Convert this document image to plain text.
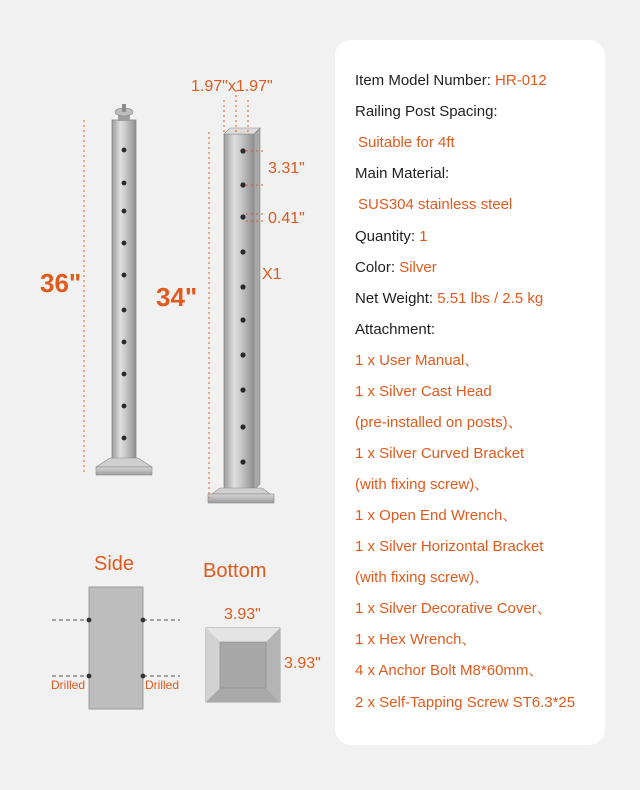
1.97"x1.97"
36"	34"
3.31"
0.41"
X1
Side	Bottom
Drilled	Drilled
3.93"
3.93"
Item Model Number: HR-012
Railing Post Spacing:
Suitable for 4ft
Main Material:
SUS304 stainless steel
Quantity: 1
Color: Silver
Net Weight: 5.51 lbs / 2.5 kg
Attachment:
1 x User Manual、
1 x Silver Cast Head
(pre-installed on posts)、
1 x Silver Curved Bracket
(with fixing screw)、
1 x Open End Wrench、
1 x Silver Horizontal Bracket
(with fixing screw)、
1 x Silver Decorative Cover、
1 x Hex Wrench、
4 x Anchor Bolt M8*60mm、
2 x Self-Tapping Screw ST6.3*25
